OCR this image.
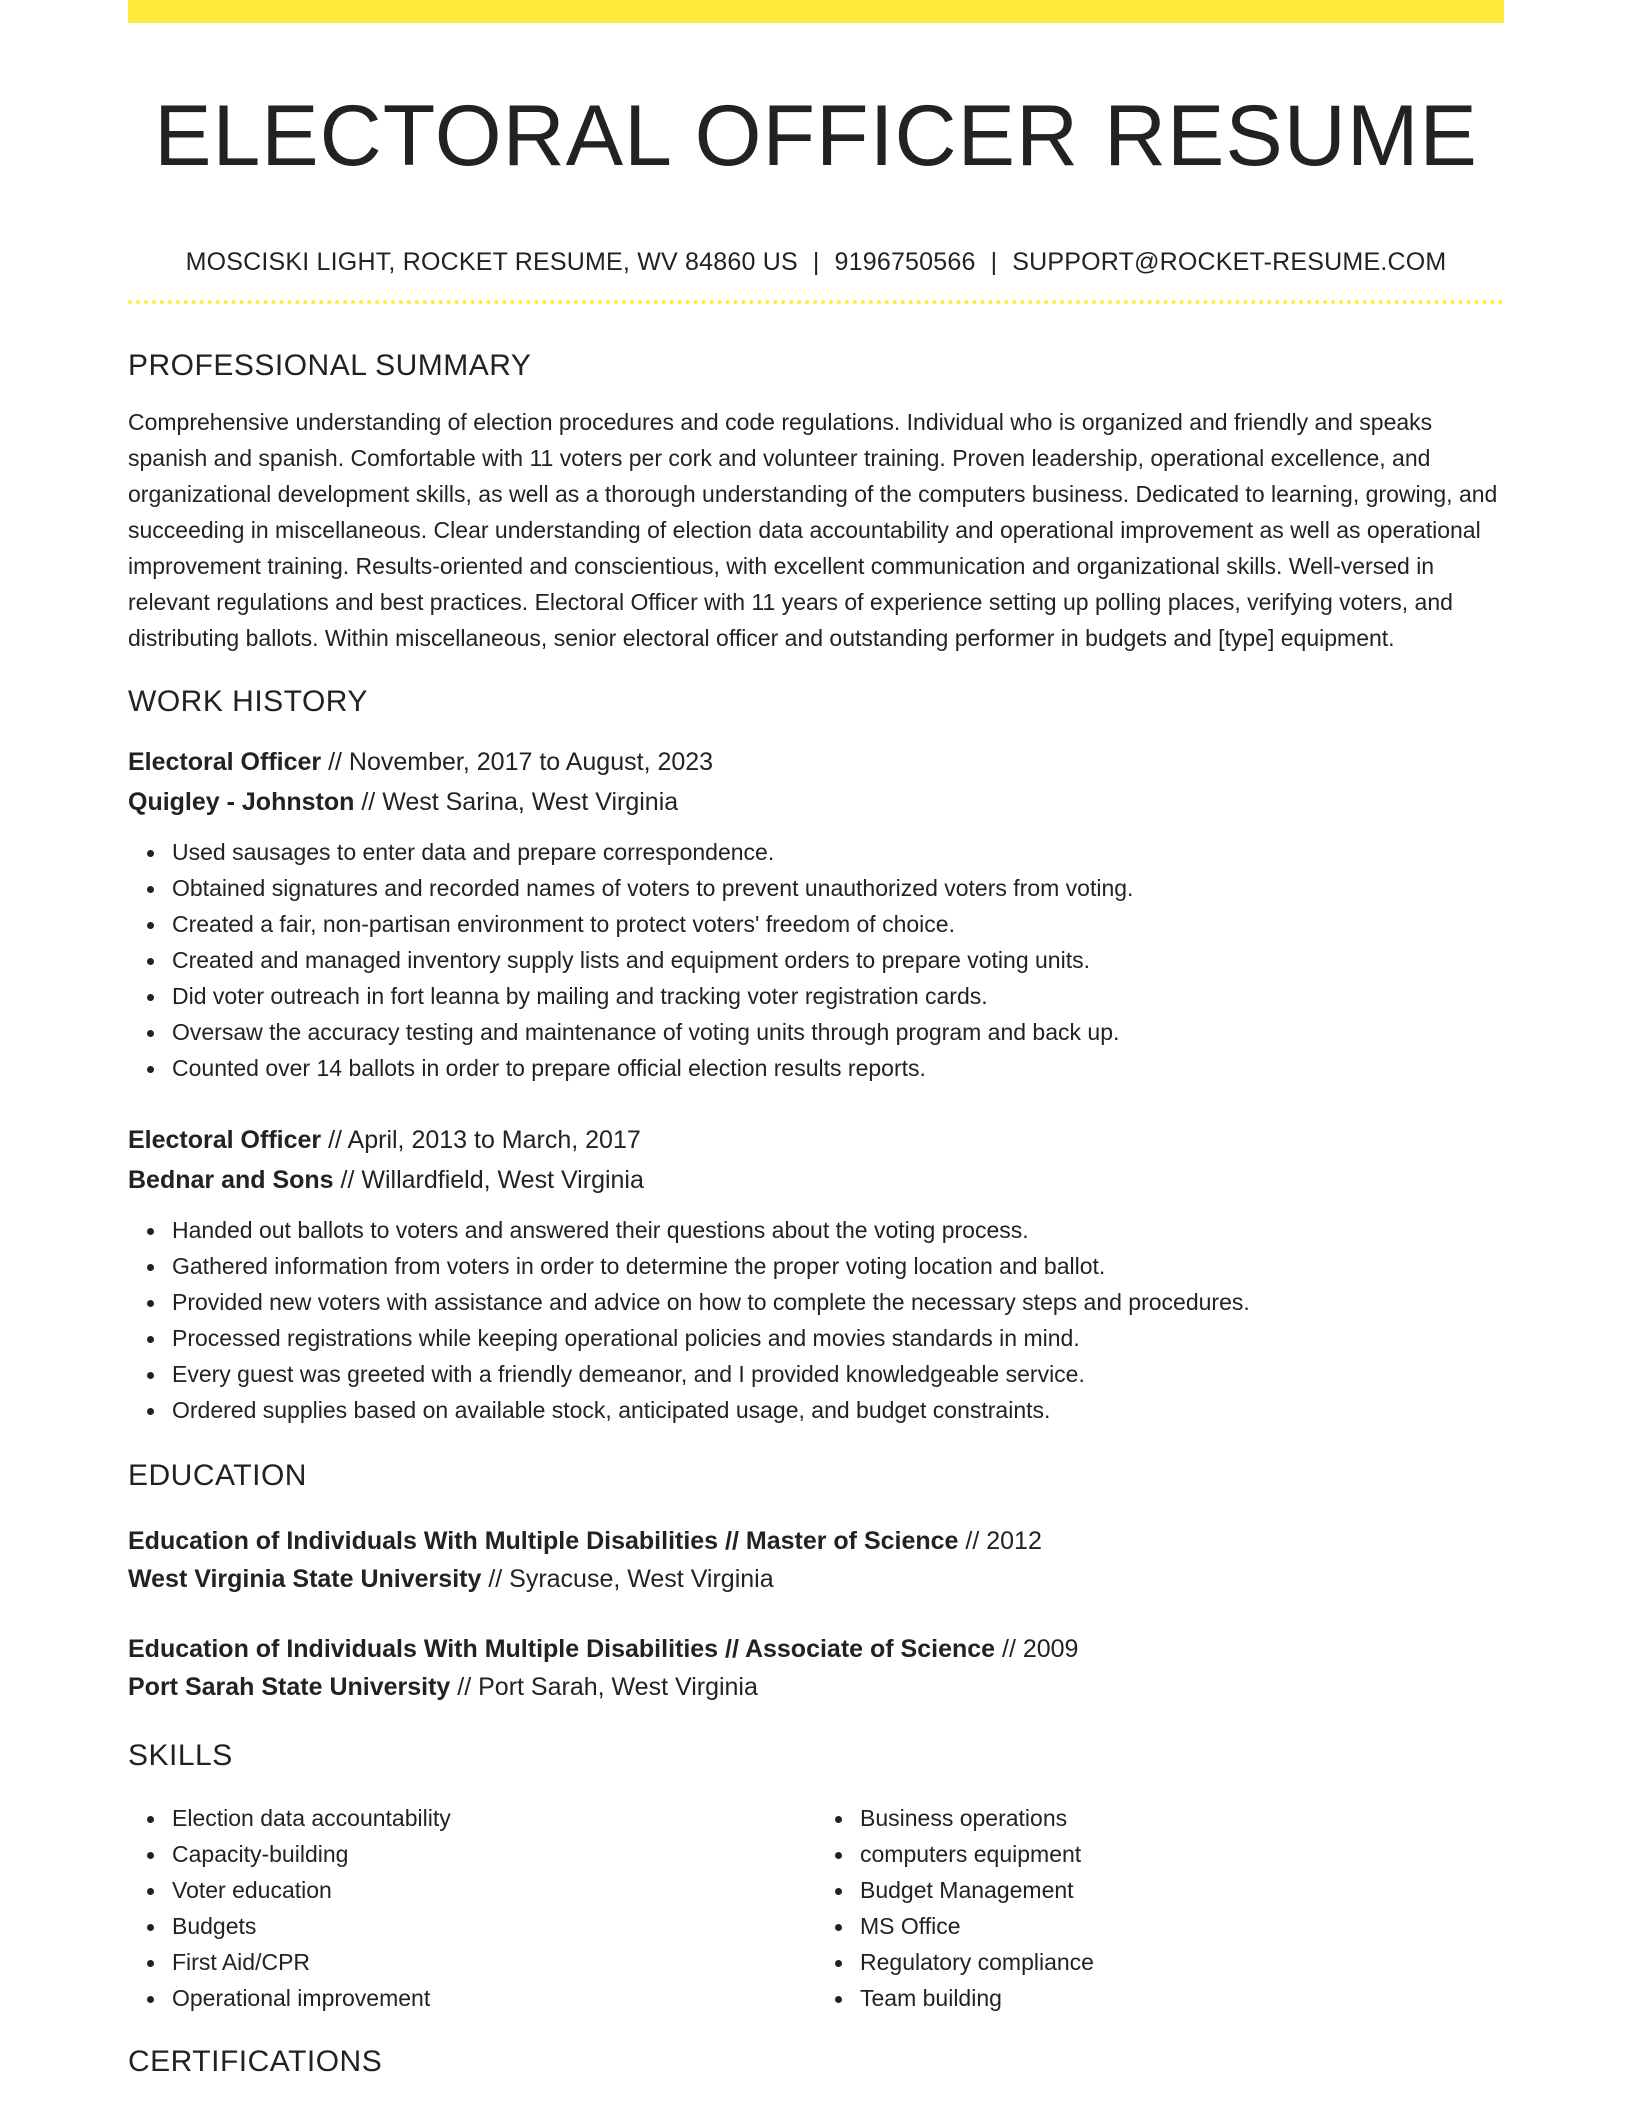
ELECTORAL OFFICER RESUME
MOSCISKI LIGHT, ROCKET RESUME, WV 84860 US | 9196750566 | SUPPORT@ROCKET-RESUME.COM
PROFESSIONAL SUMMARY
Comprehensive understanding of election procedures and code regulations. Individual who is organized and friendly and speaks spanish and spanish. Comfortable with 11 voters per cork and volunteer training. Proven leadership, operational excellence, and organizational development skills, as well as a thorough understanding of the computers business. Dedicated to learning, growing, and succeeding in miscellaneous. Clear understanding of election data accountability and operational improvement as well as operational improvement training. Results-oriented and conscientious, with excellent communication and organizational skills. Well-versed in relevant regulations and best practices. Electoral Officer with 11 years of experience setting up polling places, verifying voters, and distributing ballots. Within miscellaneous, senior electoral officer and outstanding performer in budgets and [type] equipment.
WORK HISTORY
Electoral Officer // November, 2017 to August, 2023
Quigley - Johnston // West Sarina, West Virginia
Used sausages to enter data and prepare correspondence.
Obtained signatures and recorded names of voters to prevent unauthorized voters from voting.
Created a fair, non-partisan environment to protect voters' freedom of choice.
Created and managed inventory supply lists and equipment orders to prepare voting units.
Did voter outreach in fort leanna by mailing and tracking voter registration cards.
Oversaw the accuracy testing and maintenance of voting units through program and back up.
Counted over 14 ballots in order to prepare official election results reports.
Electoral Officer // April, 2013 to March, 2017
Bednar and Sons // Willardfield, West Virginia
Handed out ballots to voters and answered their questions about the voting process.
Gathered information from voters in order to determine the proper voting location and ballot.
Provided new voters with assistance and advice on how to complete the necessary steps and procedures.
Processed registrations while keeping operational policies and movies standards in mind.
Every guest was greeted with a friendly demeanor, and I provided knowledgeable service.
Ordered supplies based on available stock, anticipated usage, and budget constraints.
EDUCATION
Education of Individuals With Multiple Disabilities // Master of Science // 2012
West Virginia State University // Syracuse, West Virginia
Education of Individuals With Multiple Disabilities // Associate of Science // 2009
Port Sarah State University // Port Sarah, West Virginia
SKILLS
Election data accountability
Capacity-building
Voter education
Budgets
First Aid/CPR
Operational improvement
Business operations
computers equipment
Budget Management
MS Office
Regulatory compliance
Team building
CERTIFICATIONS
